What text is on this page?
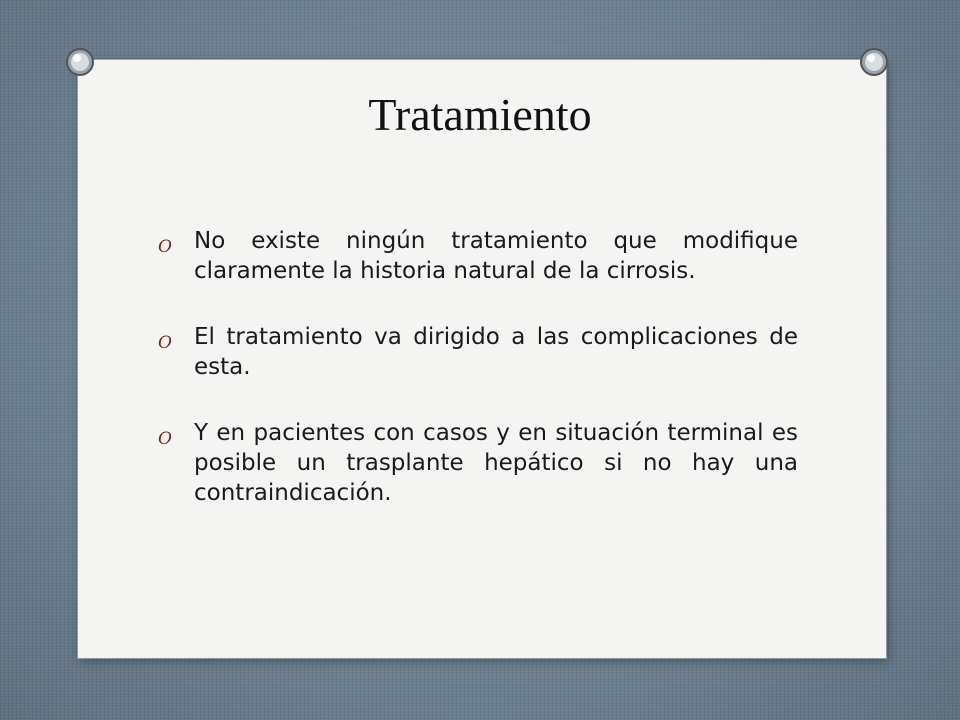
Tratamiento
O No existe ningún tratamiento que modifique claramente la historia natural de la cirrosis.
O El tratamiento va dirigido a las complicaciones de esta.
O Y en pacientes con casos y en situación terminal es posible un trasplante hepático si no hay una contraindicación.
